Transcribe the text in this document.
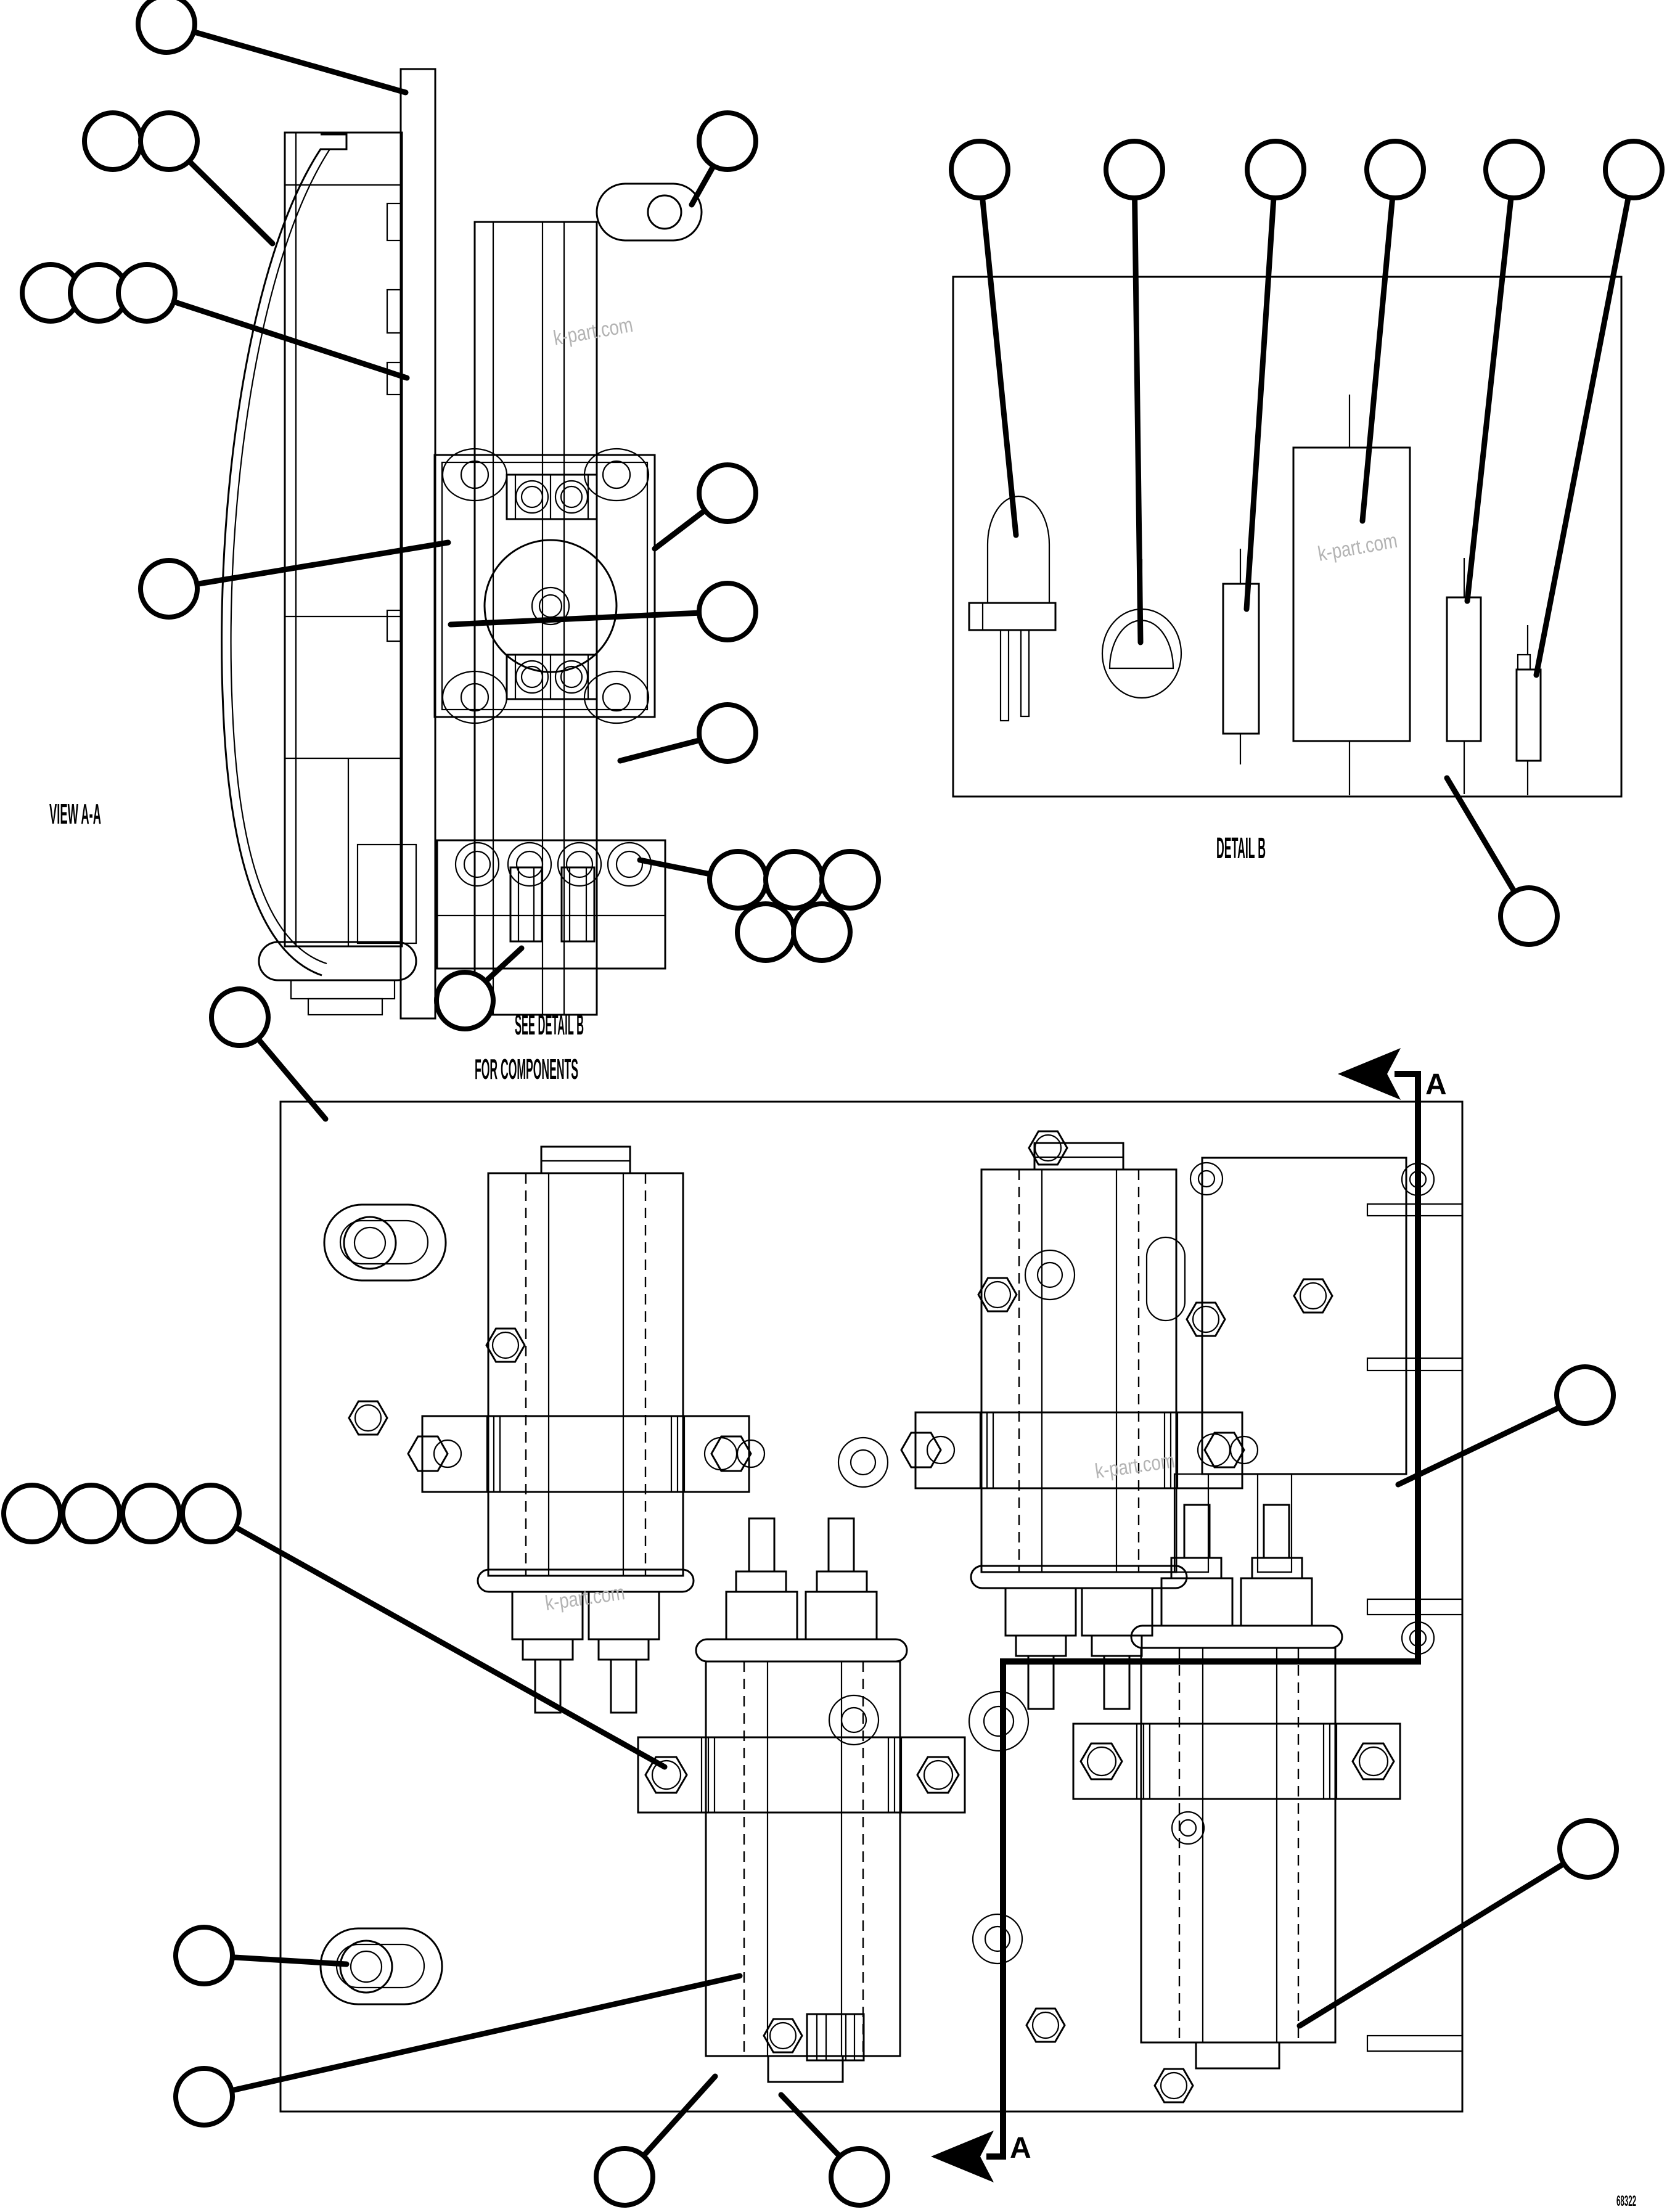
A
A
k-part.com
k-part.com
k-part.com
k-part.com
VIEW A-A
DETAIL B
SEE DETAIL B
FOR COMPONENTS
68322
